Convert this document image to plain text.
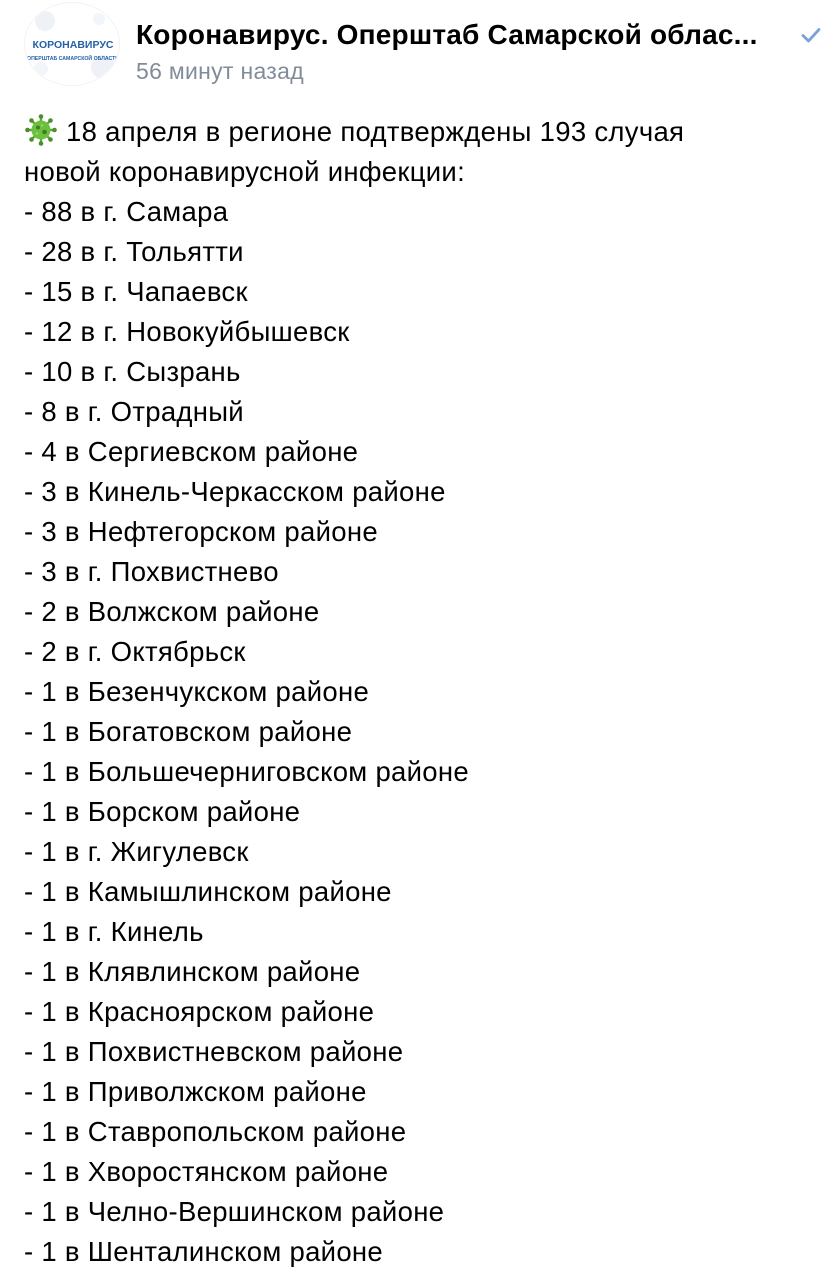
КОРОНАВИРУС
ОПЕРШТАБ САМАРСКОЙ ОБЛАСТИ
Коронавирус. Оперштаб Самарской облас...
56 минут назад
18 апреля в регионе подтверждены 193 случая
новой коронавирусной инфекции:
- 88 в г. Самара
- 28 в г. Тольятти
- 15 в г. Чапаевск
- 12 в г. Новокуйбышевск
- 10 в г. Сызрань
- 8 в г. Отрадный
- 4 в Сергиевском районе
- 3 в Кинель-Черкасском районе
- 3 в Нефтегорском районе
- 3 в г. Похвистнево
- 2 в Волжском районе
- 2 в г. Октябрьск
- 1 в Безенчукском районе
- 1 в Богатовском районе
- 1 в Большечерниговском районе
- 1 в Борском районе
- 1 в г. Жигулевск
- 1 в Камышлинском районе
- 1 в г. Кинель
- 1 в Клявлинском районе
- 1 в Красноярском районе
- 1 в Похвистневском районе
- 1 в Приволжском районе
- 1 в Ставропольском районе
- 1 в Хворостянском районе
- 1 в Челно-Вершинском районе
- 1 в Шенталинском районе
